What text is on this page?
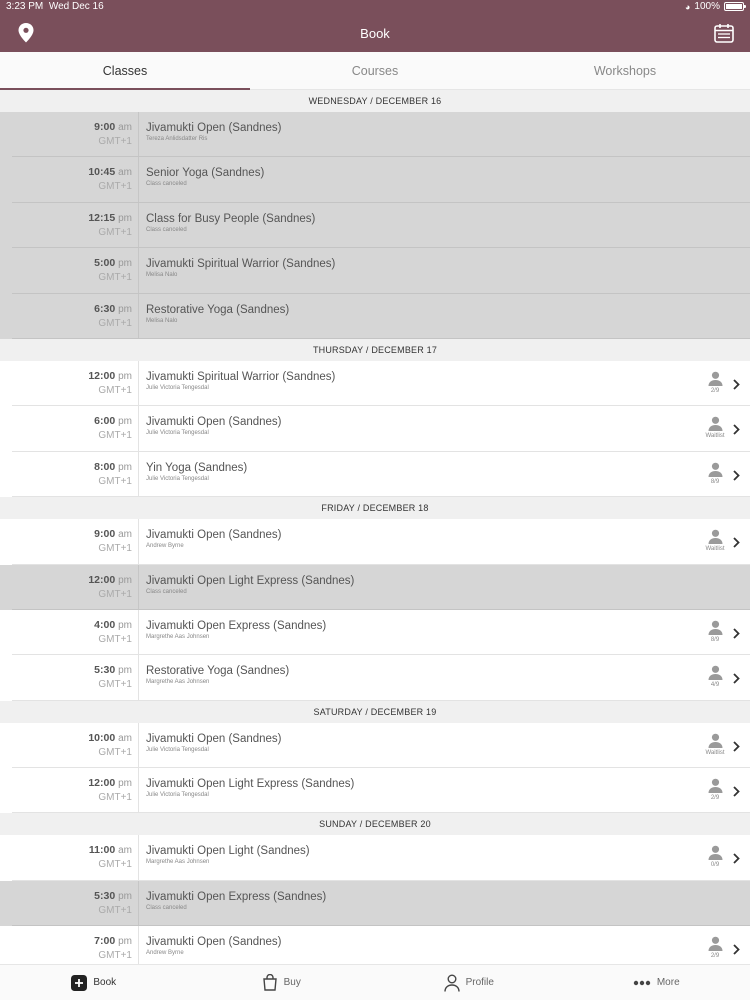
3:23 PM Wed Dec 16	◕ 100%
Book
Classes	Courses	Workshops
WEDNESDAY / DECEMBER 16
9:00 am
GMT+1
Jivamukti Open (Sandnes)
Tereza Anlidsdatter Ris
10:45 am
GMT+1
Senior Yoga (Sandnes)
Class canceled
12:15 pm
GMT+1
Class for Busy People (Sandnes)
Class canceled
5:00 pm
GMT+1
Jivamukti Spiritual Warrior (Sandnes)
Melisa Nalo
6:30 pm
GMT+1
Restorative Yoga (Sandnes)
Melisa Nalo
THURSDAY / DECEMBER 17
12:00 pm
GMT+1
Jivamukti Spiritual Warrior (Sandnes)
Julie Victoria Tengesdal	2/9
6:00 pm
GMT+1
Jivamukti Open (Sandnes)
Julie Victoria Tengesdal	Waitlist
8:00 pm
GMT+1
Yin Yoga (Sandnes)
Julie Victoria Tengesdal	8/9
FRIDAY / DECEMBER 18
9:00 am
GMT+1
Jivamukti Open (Sandnes)
Andrew Byrne	Waitlist
12:00 pm
GMT+1
Jivamukti Open Light Express (Sandnes)
Class canceled
4:00 pm
GMT+1
Jivamukti Open Express (Sandnes)
Margrethe Aas Johnsen	8/9
5:30 pm
GMT+1
Restorative Yoga (Sandnes)
Margrethe Aas Johnsen	4/9
SATURDAY / DECEMBER 19
10:00 am
GMT+1
Jivamukti Open (Sandnes)
Julie Victoria Tengesdal	Waitlist
12:00 pm
GMT+1
Jivamukti Open Light Express (Sandnes)
Julie Victoria Tengesdal	2/9
SUNDAY / DECEMBER 20
11:00 am
GMT+1
Jivamukti Open Light (Sandnes)
Margrethe Aas Johnsen	0/9
5:30 pm
GMT+1
Jivamukti Open Express (Sandnes)
Class canceled
7:00 pm
GMT+1
Jivamukti Open (Sandnes)
Andrew Byrne	2/9
Book	Buy	Profile	More
